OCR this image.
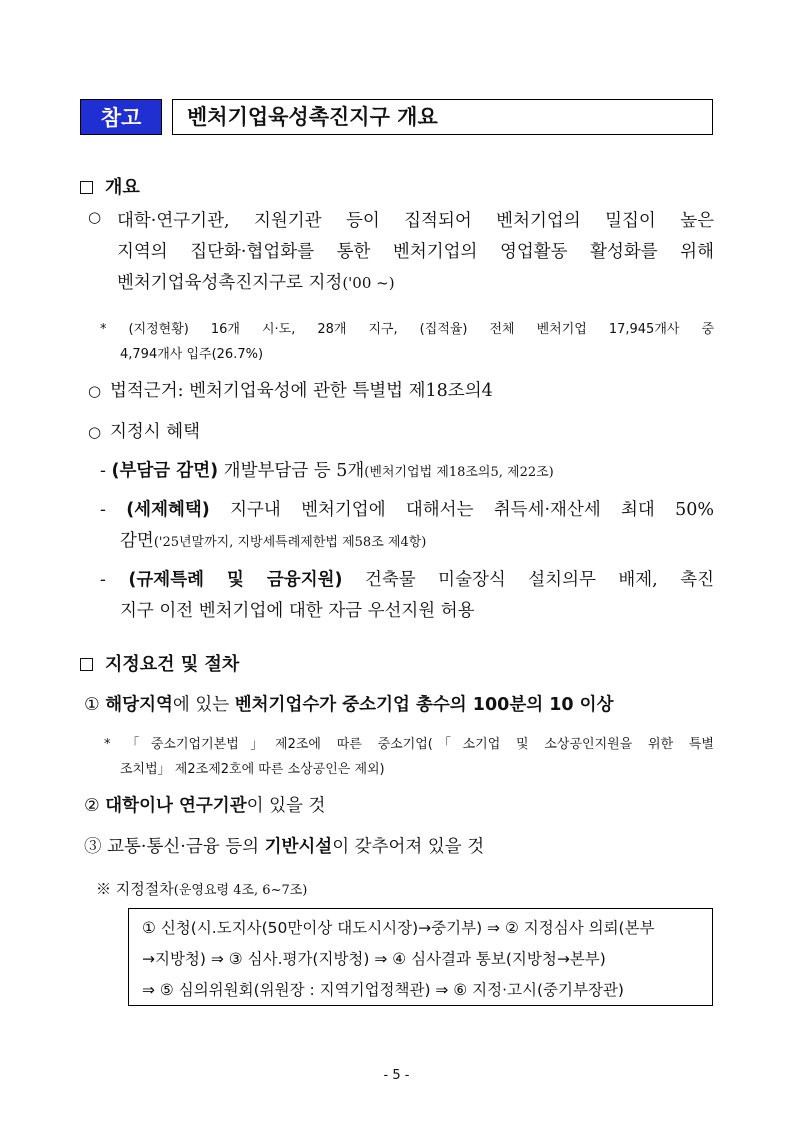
참고	벤처기업육성촉진지구 개요
개요
○ 대학·연구기관, 지원기관 등이 집적되어 벤처기업의 밀집이 높은
지역의 집단화·협업화를 통한 벤처기업의 영업활동 활성화를 위해
벤처기업육성촉진지구로 지정('00 ~)
* (지정현황) 16개 시·도, 28개 지구, (집적율) 전체 벤처기업 17,945개사 중
4,794개사 입주(26.7%)
○ 법적근거: 벤처기업육성에 관한 특별법 제18조의4
○ 지정시 혜택
- (부담금 감면) 개발부담금 등 5개(벤처기업법 제18조의5, 제22조)
- (세제혜택) 지구내 벤처기업에 대해서는 취득세·재산세 최대 50%
감면('25년말까지, 지방세특례제한법 제58조 제4항)
- (규제특례 및 금융지원) 건축물 미술장식 설치의무 배제, 촉진
지구 이전 벤처기업에 대한 자금 우선지원 허용
지정요건 및 절차
① 해당지역에 있는 벤처기업수가 중소기업 총수의 100분의 10 이상
* 「중소기업기본법」제2조에 따른 중소기업(「소기업 및 소상공인지원을 위한 특별
조치법」 제2조제2호에 따른 소상공인은 제외)
② 대학이나 연구기관이 있을 것
③ 교통·통신·금융 등의 기반시설이 갖추어져 있을 것
※ 지정절차(운영요령 4조, 6~7조)
① 신청(시.도지사(50만이상 대도시시장)→중기부) ⇒ ② 지정심사 의뢰(본부
→지방청) ⇒ ③ 심사.평가(지방청) ⇒ ④ 심사결과 통보(지방청→본부)
⇒ ⑤ 심의위원회(위원장 : 지역기업정책관) ⇒ ⑥ 지정·고시(중기부장관)
- 5 -
